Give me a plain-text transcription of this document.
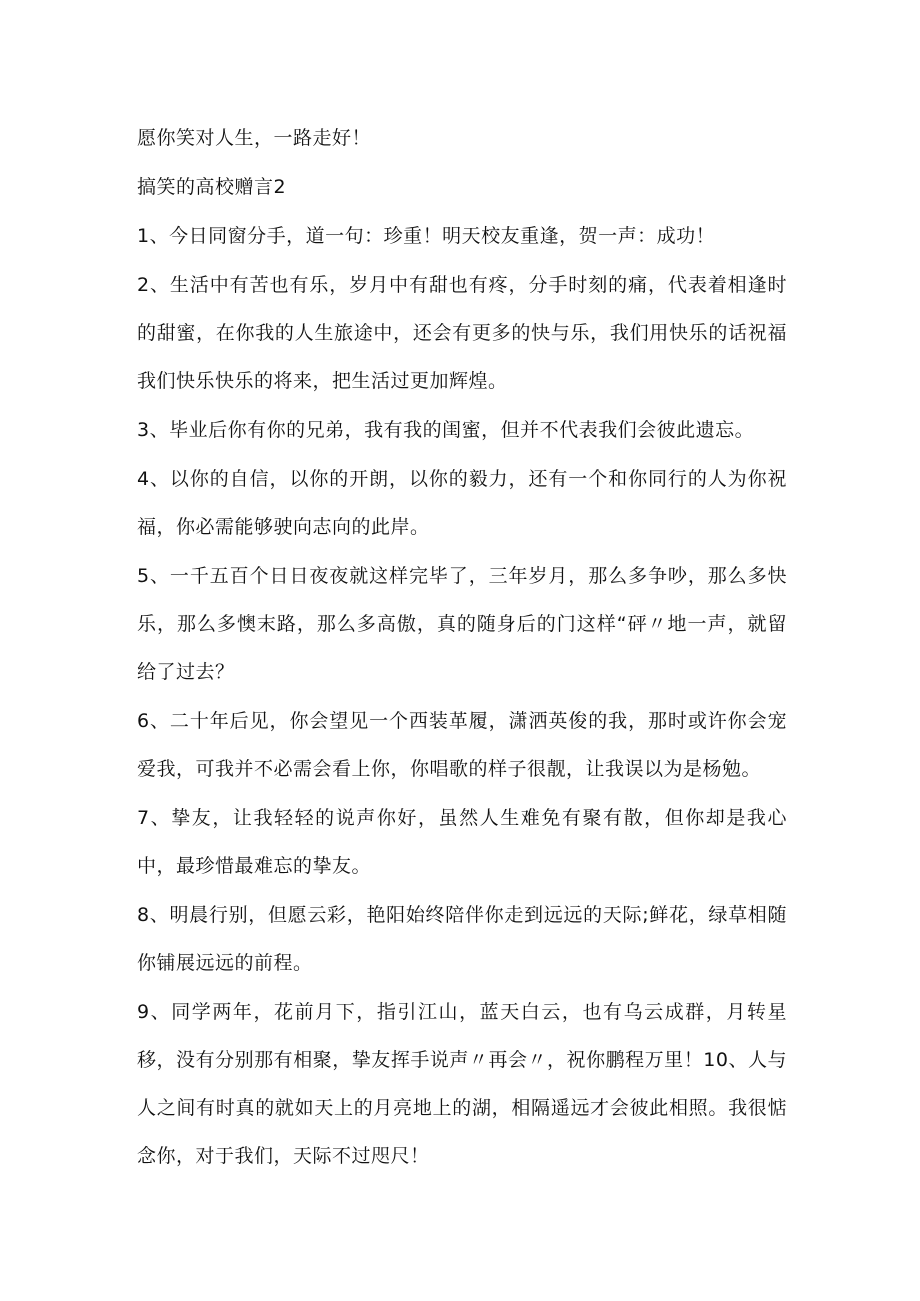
愿你笑对人生，一路走好！

搞笑的高校赠言2

1、今日同窗分手，道一句：珍重！明天校友重逢，贺一声：成功！

2、生活中有苦也有乐，岁月中有甜也有疼，分手时刻的痛，代表着相逢时的甜蜜，在你我的人生旅途中，还会有更多的快与乐，我们用快乐的话祝福我们快乐快乐的将来，把生活过更加辉煌。

3、毕业后你有你的兄弟，我有我的闺蜜，但并不代表我们会彼此遗忘。

4、以你的自信，以你的开朗，以你的毅力，还有一个和你同行的人为你祝福，你必需能够驶向志向的此岸。

5、一千五百个日日夜夜就这样完毕了，三年岁月，那么多争吵，那么多快乐，那么多懊末路，那么多高傲，真的随身后的门这样“砰〃地一声，就留给了过去？

6、二十年后见，你会望见一个西装革履，潇洒英俊的我，那时或许你会宠爱我，可我并不必需会看上你，你唱歌的样子很靓，让我误以为是杨勉。

7、挚友，让我轻轻的说声你好，虽然人生难免有聚有散，但你却是我心中，最珍惜最难忘的挚友。

8、明晨行别，但愿云彩，艳阳始终陪伴你走到远远的天际;鲜花，绿草相随你铺展远远的前程。

9、同学两年，花前月下，指引江山，蓝天白云，也有乌云成群，月转星移，没有分别那有相聚，挚友挥手说声〃再会〃，祝你鹏程万里！10、人与人之间有时真的就如天上的月亮地上的湖，相隔遥远才会彼此相照。我很惦念你，对于我们，天际不过咫尺！
